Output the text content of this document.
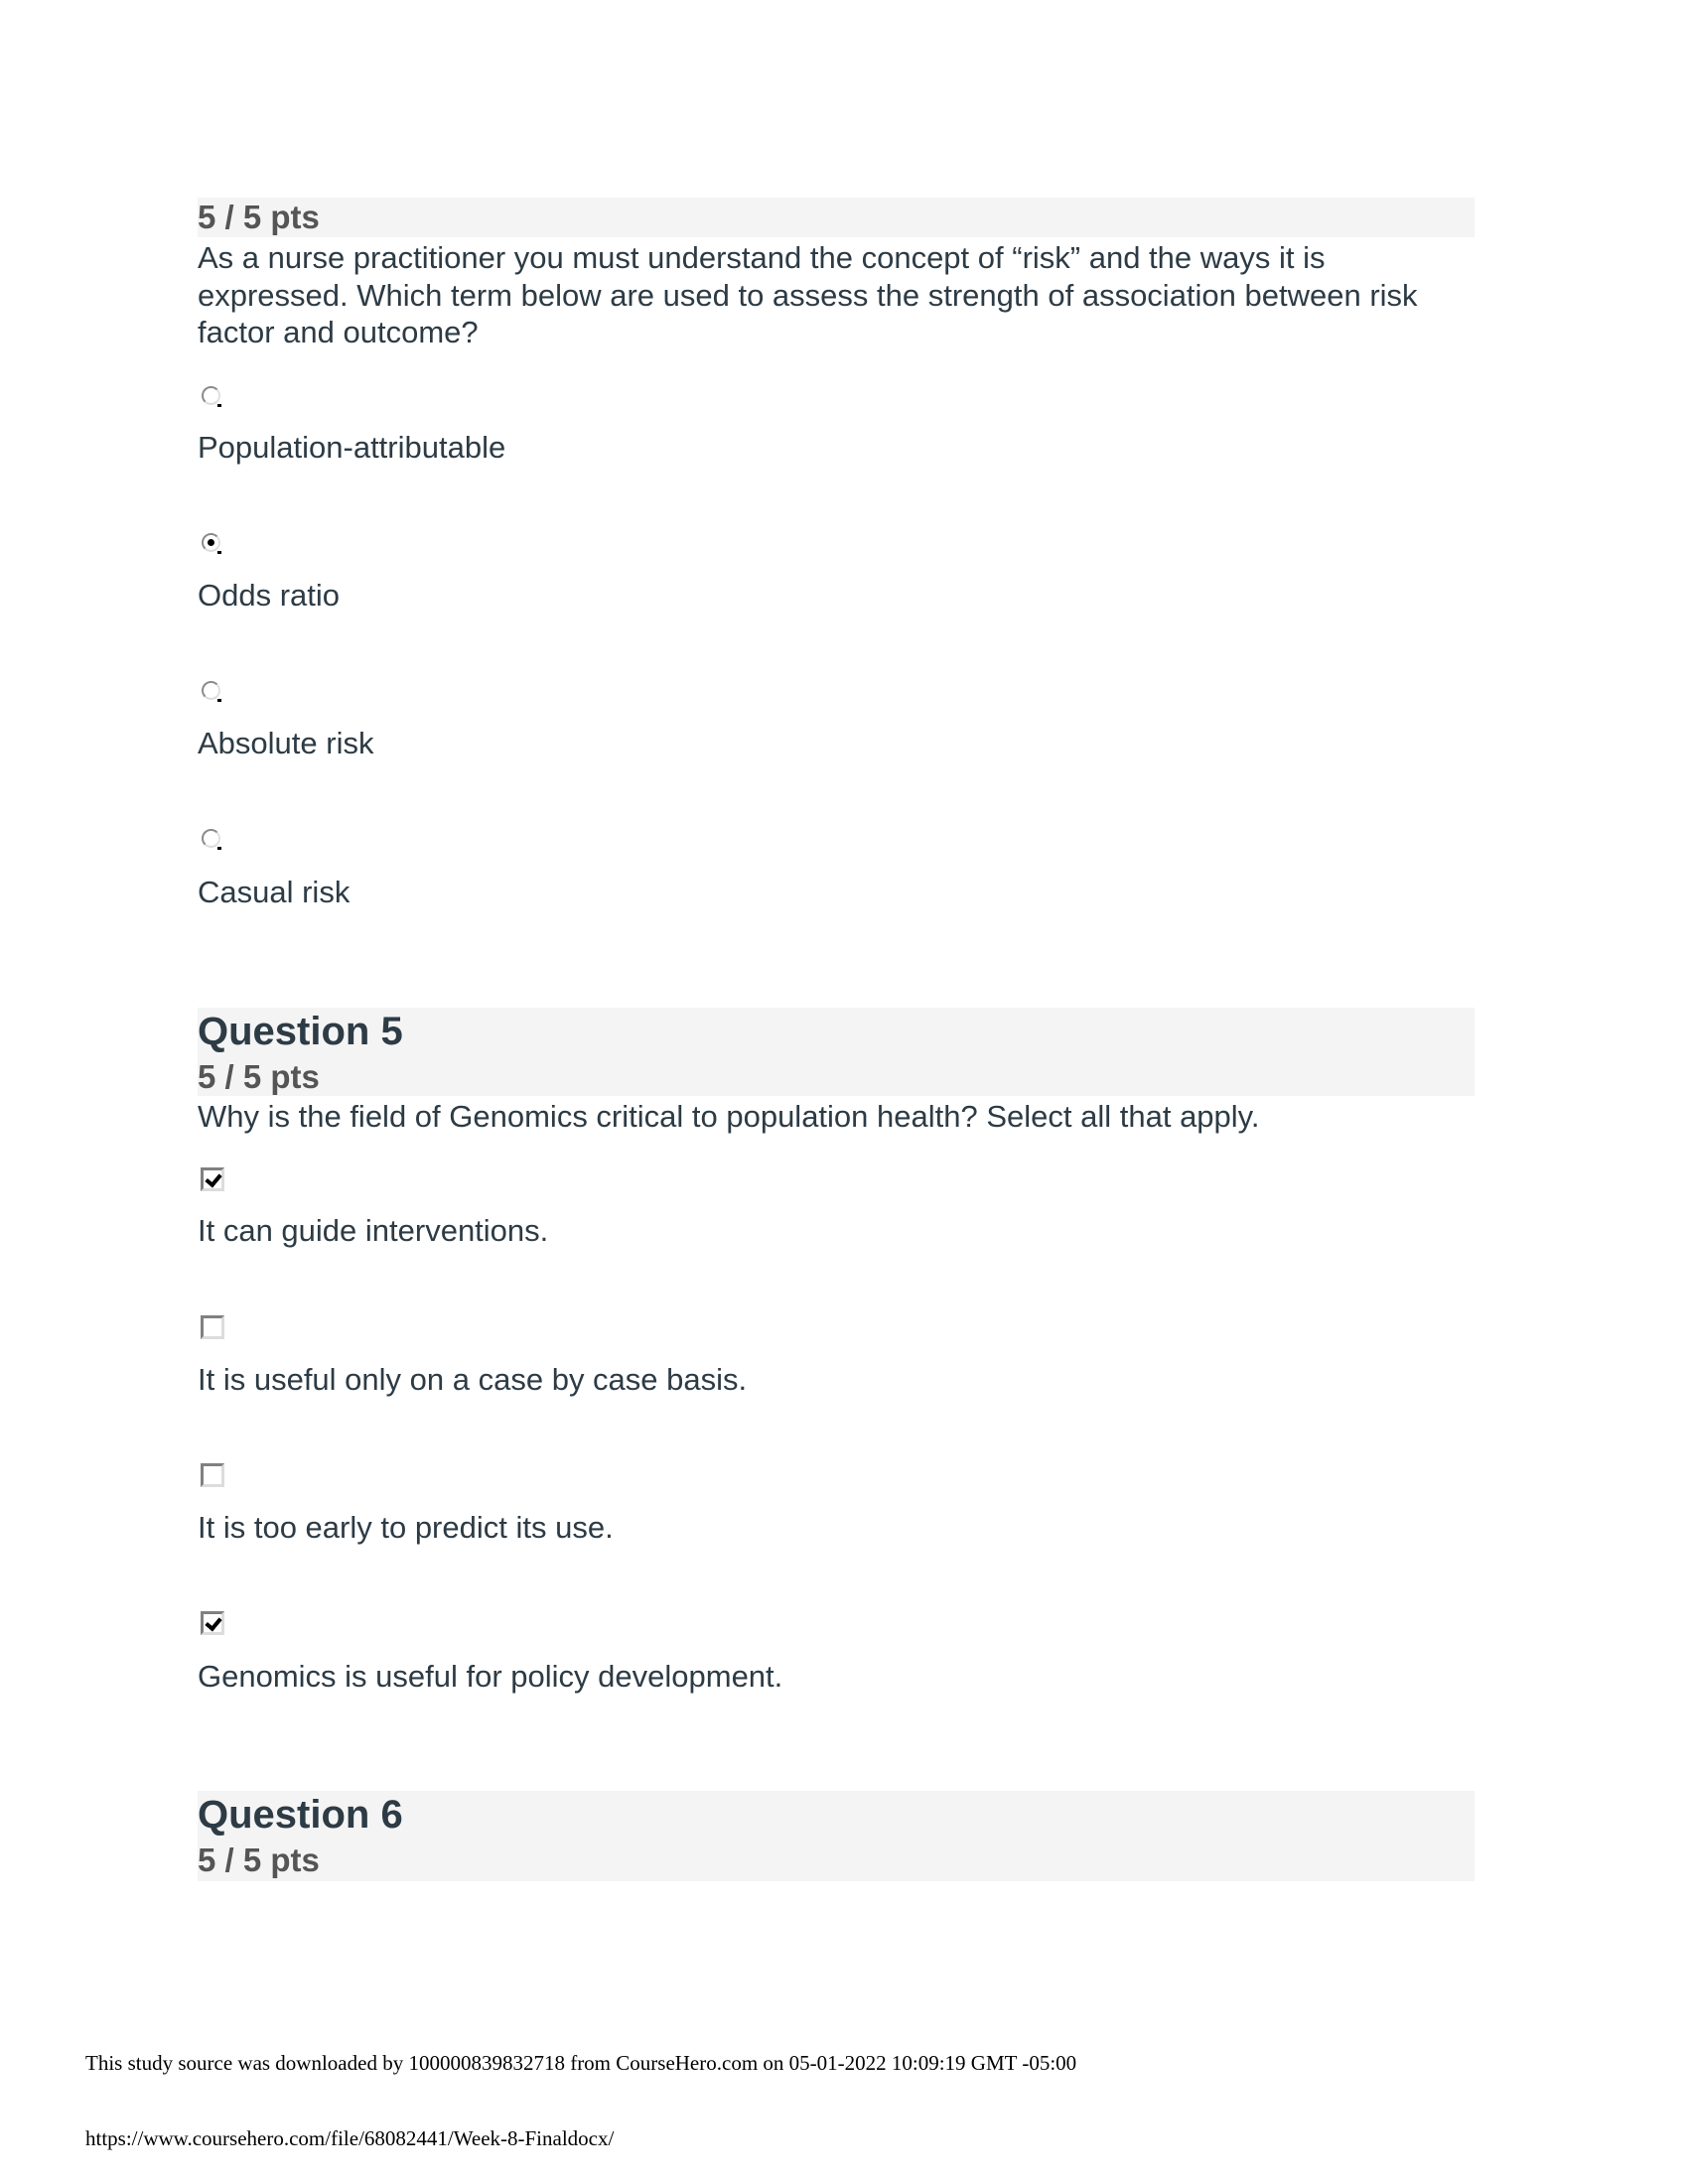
5 / 5 pts
As a nurse practitioner you must understand the concept of “risk” and the ways it is expressed. Which term below are used to assess the strength of association between risk factor and outcome?
Population-attributable
Odds ratio
Absolute risk
Casual risk
Question 5
5 / 5 pts
Why is the field of Genomics critical to population health? Select all that apply.
It can guide interventions.
It is useful only on a case by case basis.
It is too early to predict its use.
Genomics is useful for policy development.
Question 6
5 / 5 pts
This study source was downloaded by 100000839832718 from CourseHero.com on 05-01-2022 10:09:19 GMT -05:00
https://www.coursehero.com/file/68082441/Week-8-Finaldocx/
